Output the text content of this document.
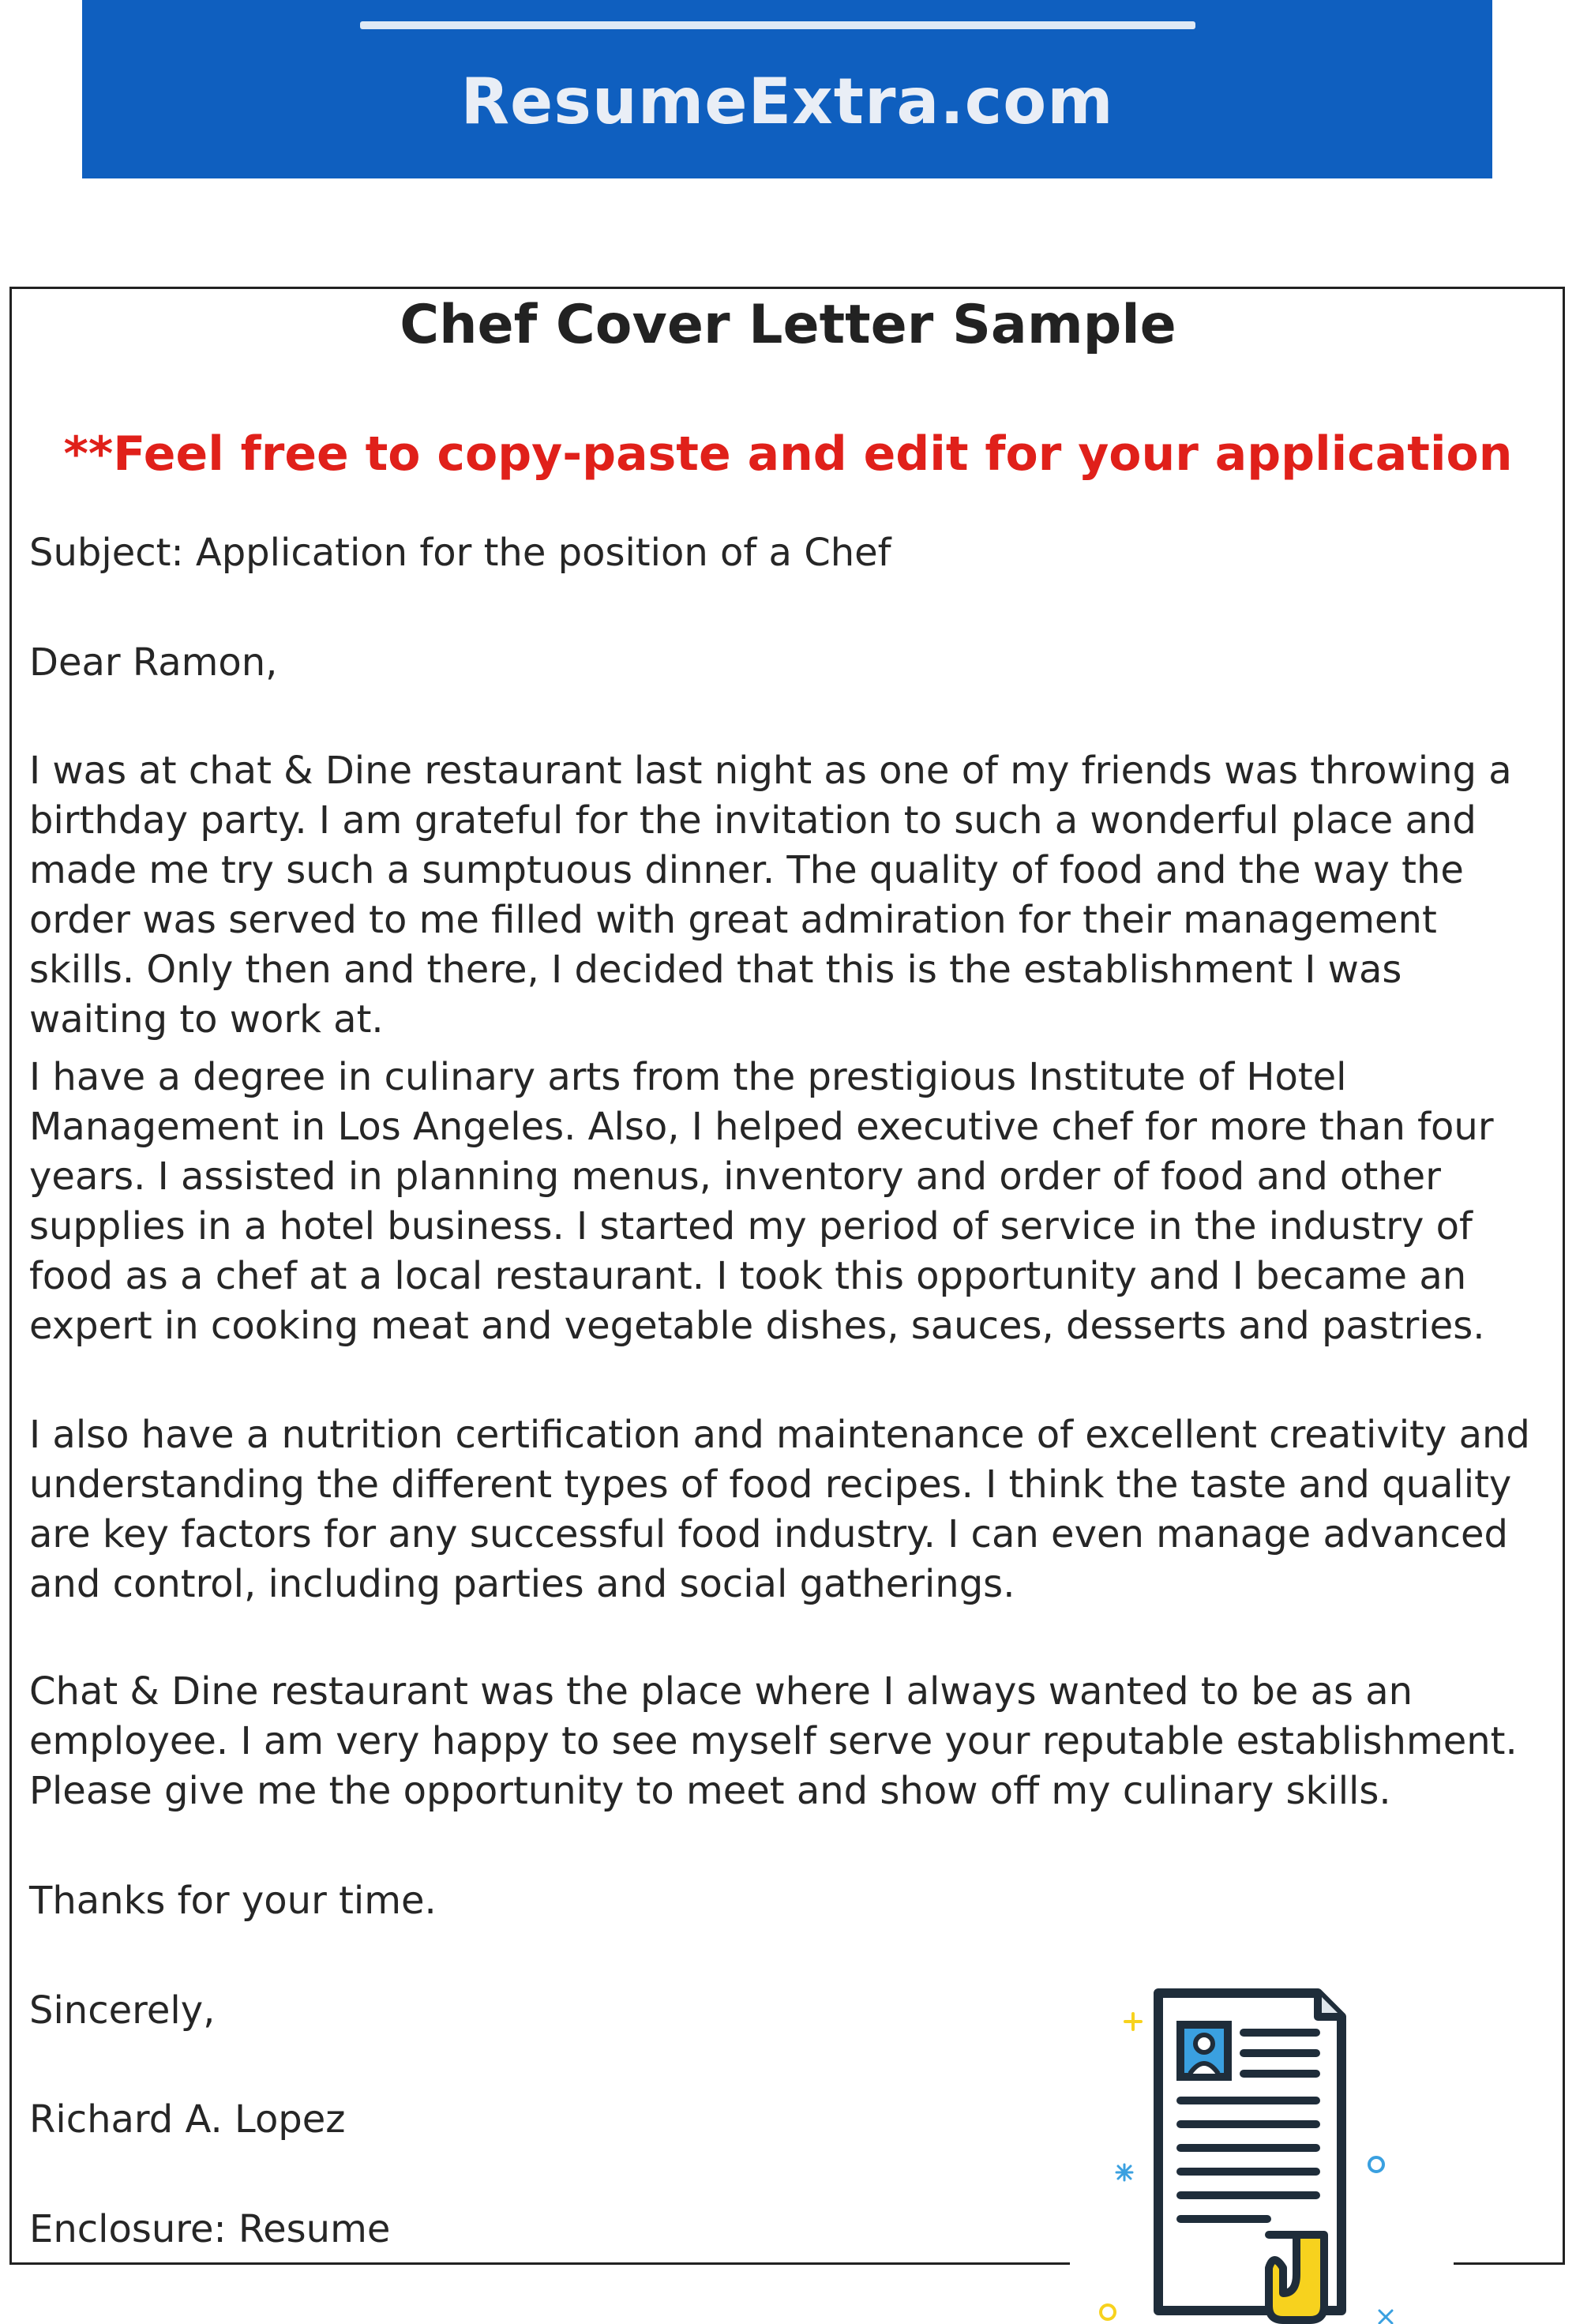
ResumeExtra.com
Chef Cover Letter Sample
**Feel free to copy-paste and edit for your application
Subject: Application for the position of a Chef
Dear Ramon,

I was at chat & Dine restaurant last night as one of my friends was throwing a birthday party. I am grateful for the invitation to such a wonderful place and made me try such a sumptuous dinner. The quality of food and the way the order was served to me filled with great admiration for their management skills. Only then and there, I decided that this is the establishment I was waiting to work at.

I have a degree in culinary arts from the prestigious Institute of Hotel Management in Los Angeles. Also, I helped executive chef for more than four years. I assisted in planning menus, inventory and order of food and other supplies in a hotel business. I started my period of service in the industry of food as a chef at a local restaurant. I took this opportunity and I became an expert in cooking meat and vegetable dishes, sauces, desserts and pastries.

I also have a nutrition certification and maintenance of excellent creativity and understanding the different types of food recipes. I think the taste and quality are key factors for any successful food industry. I can even manage advanced and control, including parties and social gatherings.

Chat & Dine restaurant was the place where I always wanted to be as an employee. I am very happy to see myself serve your reputable establishment. Please give me the opportunity to meet and show off my culinary skills.

Thanks for your time.
Sincerely,
Richard A. Lopez
Enclosure: Resume
